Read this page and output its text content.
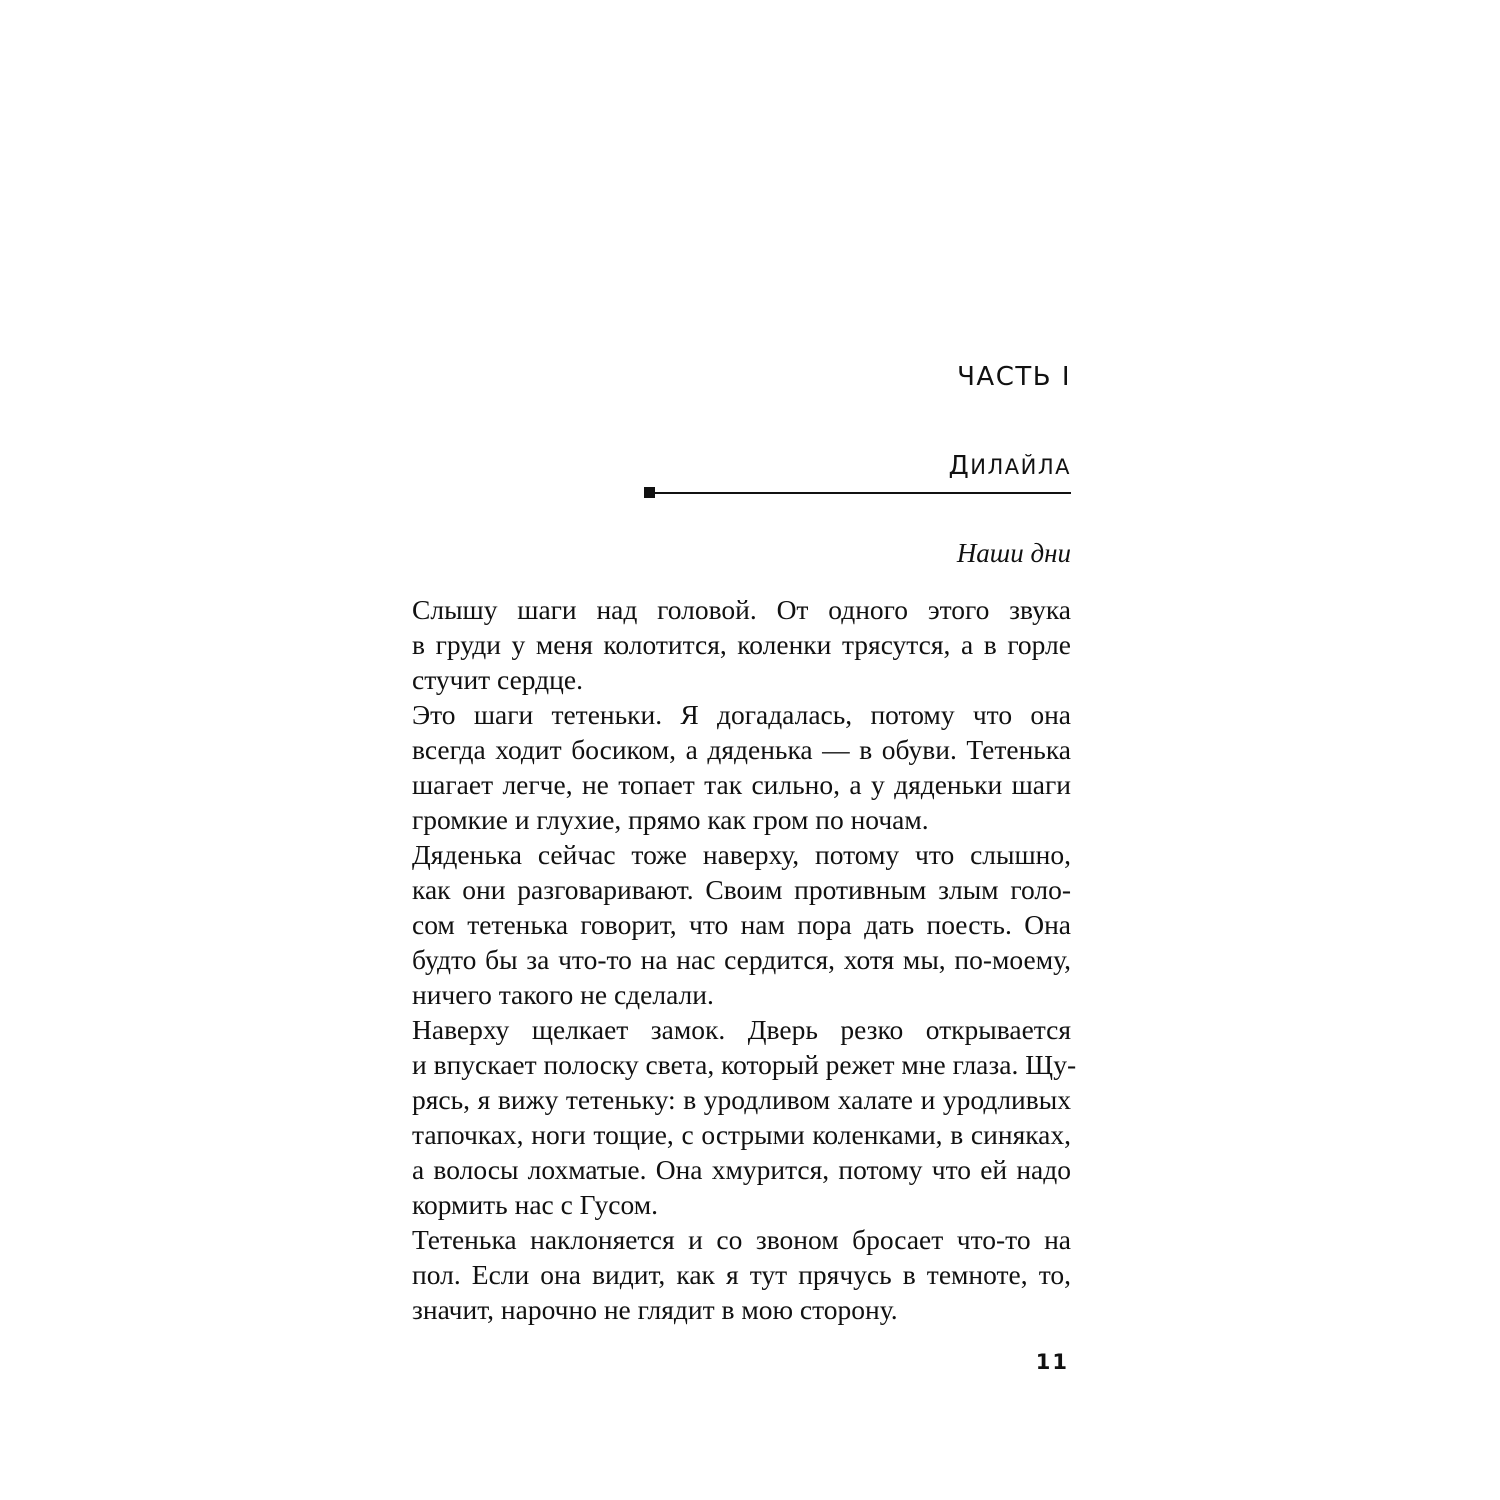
ЧАСТЬ I
ДИЛАЙЛА
Наши дни

Слышу шаги над головой. От одного этого звука
в груди у меня колотится, коленки трясутся, а в горле
стучит сердце.

Это шаги тетеньки. Я догадалась, потому что она
всегда ходит босиком, а дяденька — в обуви. Тетенька
шагает легче, не топает так сильно, а у дяденьки шаги
громкие и глухие, прямо как гром по ночам.

Дяденька сейчас тоже наверху, потому что слышно,
как они разговаривают. Своим противным злым голо-
сом тетенька говорит, что нам пора дать поесть. Она
будто бы за что-то на нас сердится, хотя мы, по-моему,
ничего такого не сделали.

Наверху щелкает замок. Дверь резко открывается
и впускает полоску света, который режет мне глаза. Щу-
рясь, я вижу тетеньку: в уродливом халате и уродливых
тапочках, ноги тощие, с острыми коленками, в синяках,
а волосы лохматые. Она хмурится, потому что ей надо
кормить нас с Гусом.

Тетенька наклоняется и со звоном бросает что-то на
пол. Если она видит, как я тут прячусь в темноте, то,
значит, нарочно не глядит в мою сторону.

11
